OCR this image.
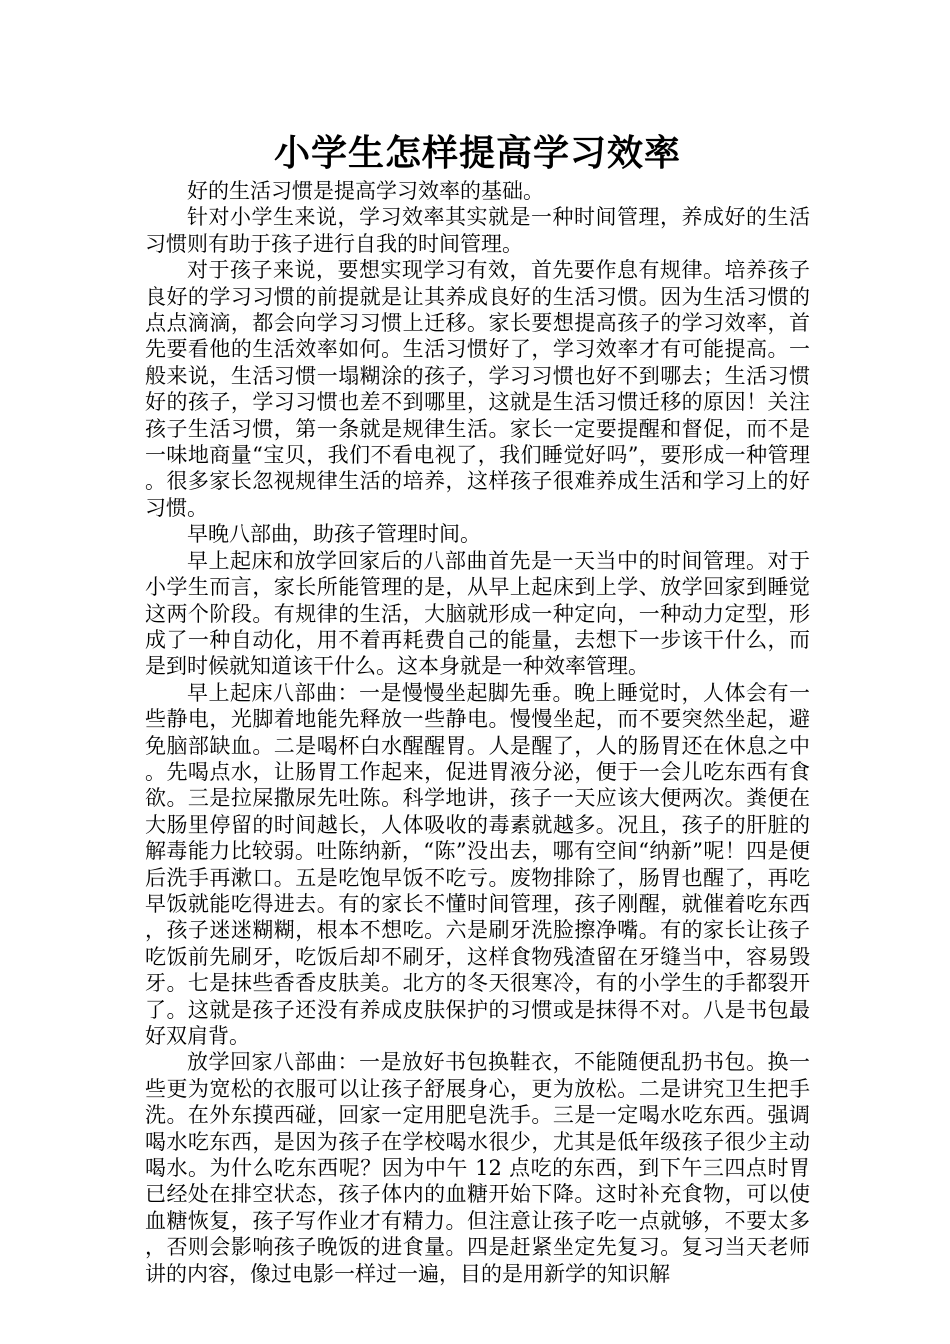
小学生怎样提高学习效率

好的生活习惯是提高学习效率的基础。

针对小学生来说，学习效率其实就是一种时间管理，养成好的生活习惯则有助于孩子进行自我的时间管理。

对于孩子来说，要想实现学习有效，首先要作息有规律。培养孩子良好的学习习惯的前提就是让其养成良好的生活习惯。因为生活习惯的点点滴滴，都会向学习习惯上迁移。家长要想提高孩子的学习效率，首先要看他的生活效率如何。生活习惯好了，学习效率才有可能提高。一般来说，生活习惯一塌糊涂的孩子，学习习惯也好不到哪去；生活习惯好的孩子，学习习惯也差不到哪里，这就是生活习惯迁移的原因！关注孩子生活习惯，第一条就是规律生活。家长一定要提醒和督促，而不是一味地商量“宝贝，我们不看电视了，我们睡觉好吗”，要形成一种管理。很多家长忽视规律生活的培养，这样孩子很难养成生活和学习上的好习惯。

早晚八部曲，助孩子管理时间。

早上起床和放学回家后的八部曲首先是一天当中的时间管理。对于小学生而言，家长所能管理的是，从早上起床到上学、放学回家到睡觉这两个阶段。有规律的生活，大脑就形成一种定向，一种动力定型，形成了一种自动化，用不着再耗费自己的能量，去想下一步该干什么，而是到时候就知道该干什么。这本身就是一种效率管理。

早上起床八部曲：一是慢慢坐起脚先垂。晚上睡觉时，人体会有一些静电，光脚着地能先释放一些静电。慢慢坐起，而不要突然坐起，避免脑部缺血。二是喝杯白水醒醒胃。人是醒了，人的肠胃还在休息之中。先喝点水，让肠胃工作起来，促进胃液分泌，便于一会儿吃东西有食欲。三是拉屎撒尿先吐陈。科学地讲，孩子一天应该大便两次。粪便在大肠里停留的时间越长，人体吸收的毒素就越多。况且，孩子的肝脏的解毒能力比较弱。吐陈纳新，“陈”没出去，哪有空间“纳新”呢！四是便后洗手再漱口。五是吃饱早饭不吃亏。废物排除了，肠胃也醒了，再吃早饭就能吃得进去。有的家长不懂时间管理，孩子刚醒，就催着吃东西，孩子迷迷糊糊，根本不想吃。六是刷牙洗脸擦净嘴。有的家长让孩子吃饭前先刷牙，吃饭后却不刷牙，这样食物残渣留在牙缝当中，容易毁牙。七是抹些香香皮肤美。北方的冬天很寒冷，有的小学生的手都裂开了。这就是孩子还没有养成皮肤保护的习惯或是抹得不对。八是书包最好双肩背。

放学回家八部曲：一是放好书包换鞋衣，不能随便乱扔书包。换一些更为宽松的衣服可以让孩子舒展身心，更为放松。二是讲究卫生把手洗。在外东摸西碰，回家一定用肥皂洗手。三是一定喝水吃东西。强调喝水吃东西，是因为孩子在学校喝水很少，尤其是低年级孩子很少主动喝水。为什么吃东西呢？因为中午 12 点吃的东西，到下午三四点时胃已经处在排空状态，孩子体内的血糖开始下降。这时补充食物，可以使血糖恢复，孩子写作业才有精力。但注意让孩子吃一点就够，不要太多，否则会影响孩子晚饭的进食量。四是赶紧坐定先复习。复习当天老师讲的内容，像过电影一样过一遍，目的是用新学的知识解
